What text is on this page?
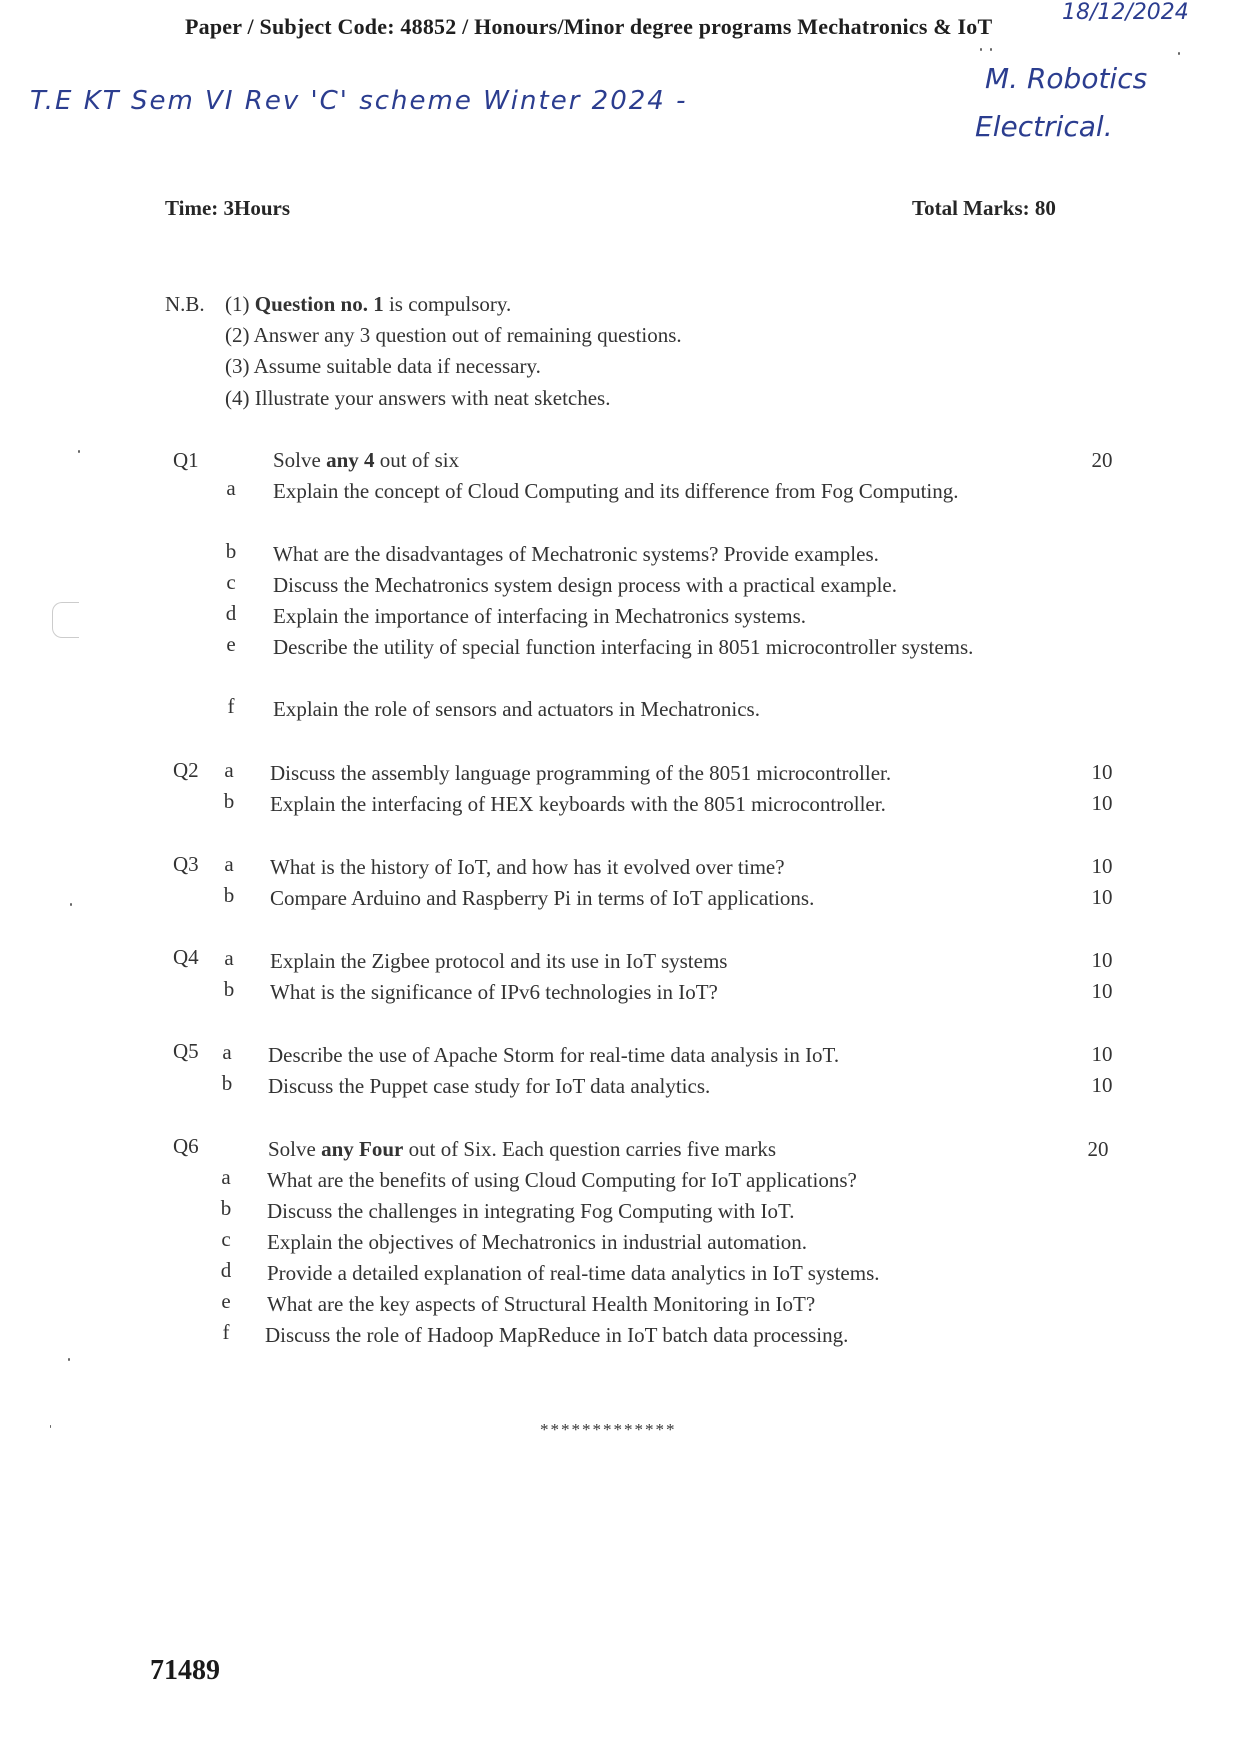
Paper / Subject Code: 48852 / Honours/Minor degree programs Mechatronics & IoT
18/12/2024
T.E KT Sem VI Rev 'C' scheme Winter 2024 -
M. Robotics
Electrical.
Time: 3Hours	Total Marks: 80
N.B. (1) Question no. 1 is compulsory.
(2) Answer any 3 question out of remaining questions.
(3) Assume suitable data if necessary.
(4) Illustrate your answers with neat sketches.
Q1	Solve any 4 out of six	20
a	Explain the concept of Cloud Computing and its difference from Fog Computing.
b	What are the disadvantages of Mechatronic systems? Provide examples.
c	Discuss the Mechatronics system design process with a practical example.
d	Explain the importance of interfacing in Mechatronics systems.
e	Describe the utility of special function interfacing in 8051 microcontroller systems.
f	Explain the role of sensors and actuators in Mechatronics.
Q2	a	Discuss the assembly language programming of the 8051 microcontroller.	10
b	Explain the interfacing of HEX keyboards with the 8051 microcontroller.	10
Q3	a	What is the history of IoT, and how has it evolved over time?	10
b	Compare Arduino and Raspberry Pi in terms of IoT applications.	10
Q4	a	Explain the Zigbee protocol and its use in IoT systems	10
b	What is the significance of IPv6 technologies in IoT?	10
Q5	a	Describe the use of Apache Storm for real-time data analysis in IoT.	10
b	Discuss the Puppet case study for IoT data analytics.	10
Q6	Solve any Four out of Six. Each question carries five marks	20
a	What are the benefits of using Cloud Computing for IoT applications?
b	Discuss the challenges in integrating Fog Computing with IoT.
c	Explain the objectives of Mechatronics in industrial automation.
d	Provide a detailed explanation of real-time data analytics in IoT systems.
e	What are the key aspects of Structural Health Monitoring in IoT?
f	Discuss the role of Hadoop MapReduce in IoT batch data processing.
*************
71489
